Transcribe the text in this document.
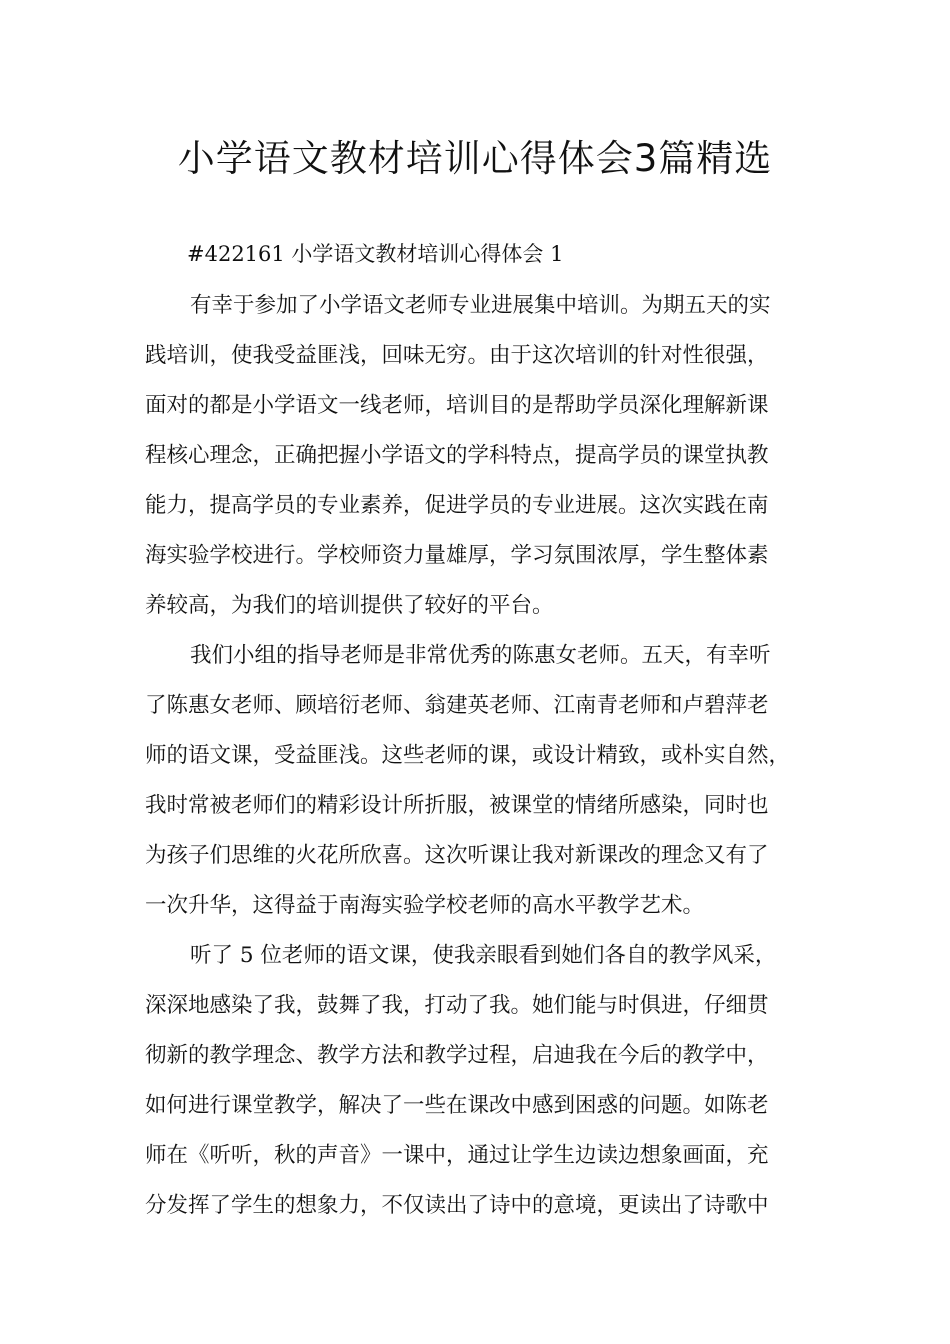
小学语文教材培训心得体会3篇精选
#422161 小学语文教材培训心得体会 1
有幸于参加了小学语文老师专业进展集中培训。为期五天的实
践培训，使我受益匪浅，回味无穷。由于这次培训的针对性很强，
面对的都是小学语文一线老师，培训目的是帮助学员深化理解新课
程核心理念，正确把握小学语文的学科特点，提高学员的课堂执教
能力，提高学员的专业素养，促进学员的专业进展。这次实践在南
海实验学校进行。学校师资力量雄厚，学习氛围浓厚，学生整体素
养较高，为我们的培训提供了较好的平台。
我们小组的指导老师是非常优秀的陈惠女老师。五天，有幸听
了陈惠女老师、顾培衍老师、翁建英老师、江南青老师和卢碧萍老
师的语文课，受益匪浅。这些老师的课，或设计精致，或朴实自然，
我时常被老师们的精彩设计所折服，被课堂的情绪所感染，同时也
为孩子们思维的火花所欣喜。这次听课让我对新课改的理念又有了
一次升华，这得益于南海实验学校老师的高水平教学艺术。
听了 5 位老师的语文课，使我亲眼看到她们各自的教学风采，
深深地感染了我，鼓舞了我，打动了我。她们能与时俱进，仔细贯
彻新的教学理念、教学方法和教学过程，启迪我在今后的教学中，
如何进行课堂教学，解决了一些在课改中感到困惑的问题。如陈老
师在《听听，秋的声音》一课中，通过让学生边读边想象画面，充
分发挥了学生的想象力，不仅读出了诗中的意境，更读出了诗歌中
